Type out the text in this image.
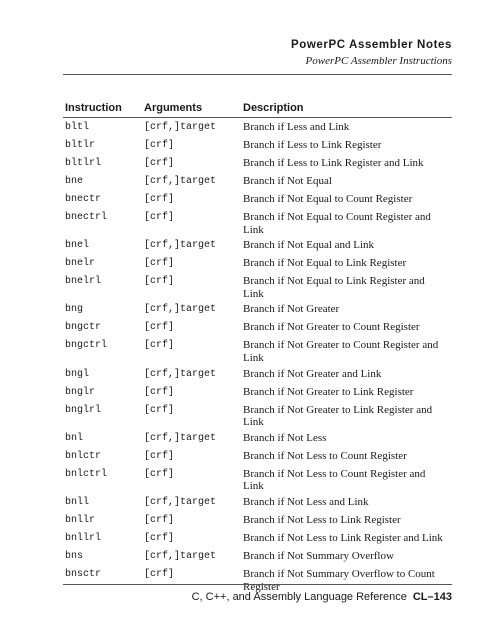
PowerPC Assembler Notes
PowerPC Assembler Instructions
Instruction Arguments	Description
bltl	[crf,]target Branch if Less and Link
bltlr	[crf]	Branch if Less to Link Register
bltlrl	[crf]	Branch if Less to Link Register and Link
bne	[crf,]target Branch if Not Equal
bnectr	[crf]	Branch if Not Equal to Count Register
bnectrl	[crf]	Branch if Not Equal to Count Register and Link
bnel	[crf,]target Branch if Not Equal and Link
bnelr	[crf]	Branch if Not Equal to Link Register
bnelrl	[crf]	Branch if Not Equal to Link Register and Link
bng	[crf,]target Branch if Not Greater
bngctr	[crf]	Branch if Not Greater to Count Register
bngctrl	[crf]	Branch if Not Greater to Count Register and Link
bngl	[crf,]target Branch if Not Greater and Link
bnglr	[crf]	Branch if Not Greater to Link Register
bnglrl	[crf]	Branch if Not Greater to Link Register and Link
bnl	[crf,]target Branch if Not Less
bnlctr	[crf]	Branch if Not Less to Count Register
bnlctrl	[crf]	Branch if Not Less to Count Register and Link
bnll	[crf,]target Branch if Not Less and Link
bnllr	[crf]	Branch if Not Less to Link Register
bnllrl	[crf]	Branch if Not Less to Link Register and Link
bns	[crf,]target Branch if Not Summary Overflow
bnsctr	[crf]	Branch if Not Summary Overflow to Count Register
C, C++, and Assembly Language Reference CL–143
